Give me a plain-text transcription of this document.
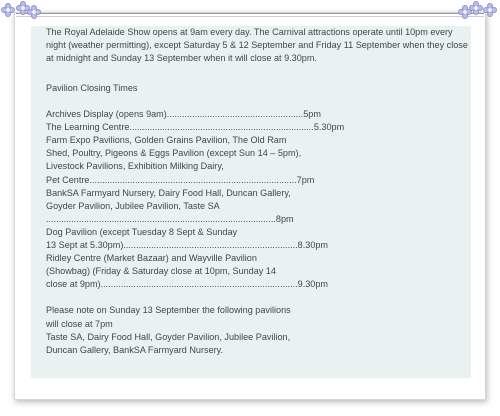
The Royal Adelaide Show opens at 9am every day. The Carnival attractions operate until 10pm every
night (weather permitting), except Saturday 5 & 12 September and Friday 11 September when they close
at midnight and Sunday 13 September when it will close at 9.30pm.
Pavilion Closing Times
Archives Display (opens 9am)......................................................5pm
The Learning Centre.........................................................................5.30pm
Farm Expo Pavilions, Golden Grains Pavilion, The Old Ram
Shed, Poultry, Pigeons & Eggs Pavilion (except Sun 14 – 5pm),
Livestock Pavilions, Exhibition Milking Dairy,
Pet Centre..................................................................................7pm
BankSA Farmyard Nursery, Dairy Food Hall, Duncan Gallery,
Goyder Pavilion, Jubilee Pavilion, Taste SA
...........................................................................................8pm
Dog Pavilion (except Tuesday 8 Sept & Sunday
13 Sept at 5.30pm).....................................................................8.30pm
Ridley Centre (Market Bazaar) and Wayville Pavilion
(Showbag) (Friday & Saturday close at 10pm, Sunday 14
close at 9pm)..............................................................................9.30pm
Please note on Sunday 13 September the following pavilions
will close at 7pm
Taste SA, Dairy Food Hall, Goyder Pavilion, Jubilee Pavilion,
Duncan Gallery, BankSA Farmyard Nursery.
